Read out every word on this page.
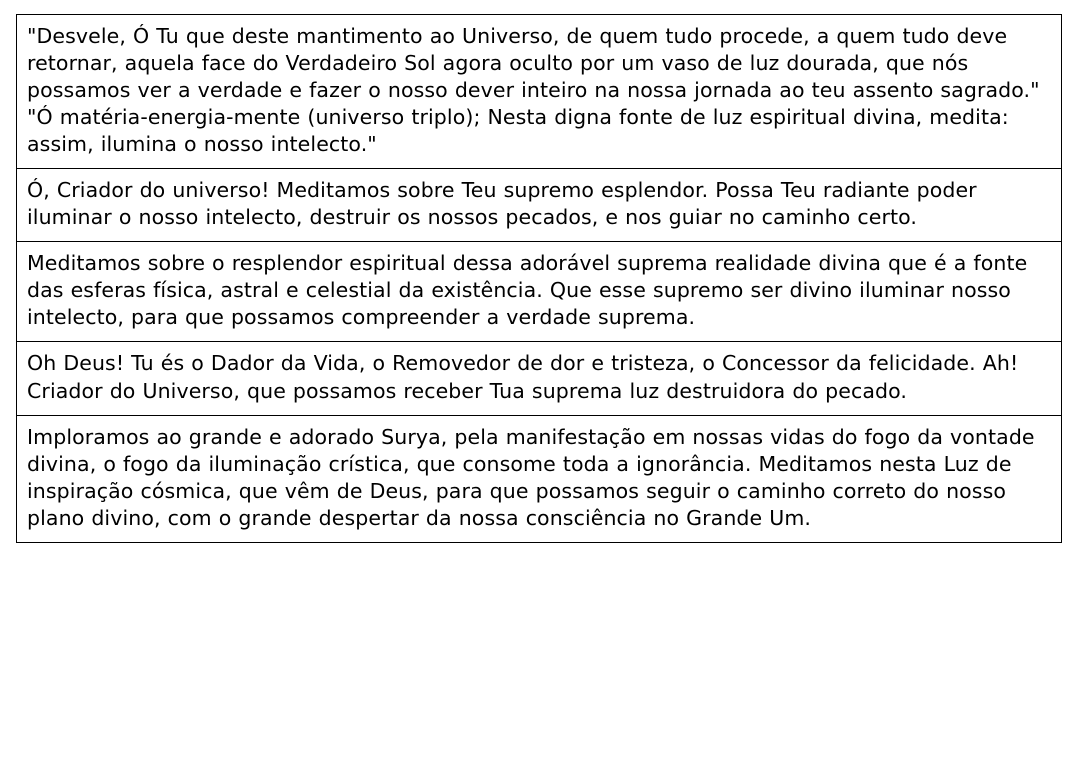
"Desvele, Ó Tu que deste mantimento ao Universo, de quem tudo procede, a quem tudo deve retornar, aquela face do Verdadeiro Sol agora oculto por um vaso de luz dourada, que nós possamos ver a verdade e fazer o nosso dever inteiro na nossa jornada ao teu assento sagrado."

"Ó matéria-energia-mente (universo triplo); Nesta digna fonte de luz espiritual divina, medita: assim, ilumina o nosso intelecto."

Ó, Criador do universo! Meditamos sobre Teu supremo esplendor. Possa Teu radiante poder iluminar o nosso intelecto, destruir os nossos pecados, e nos guiar no caminho certo.

Meditamos sobre o resplendor espiritual dessa adorável suprema realidade divina que é a fonte das esferas física, astral e celestial da existência. Que esse supremo ser divino iluminar nosso intelecto, para que possamos compreender a verdade suprema.

Oh Deus! Tu és o Dador da Vida, o Removedor de dor e tristeza, o Concessor da felicidade. Ah! Criador do Universo, que possamos receber Tua suprema luz destruidora do pecado.

Imploramos ao grande e adorado Surya, pela manifestação em nossas vidas do fogo da vontade divina, o fogo da iluminação crística, que consome toda a ignorância. Meditamos nesta Luz de inspiração cósmica, que vêm de Deus, para que possamos seguir o caminho correto do nosso plano divino, com o grande despertar da nossa consciência no Grande Um.
